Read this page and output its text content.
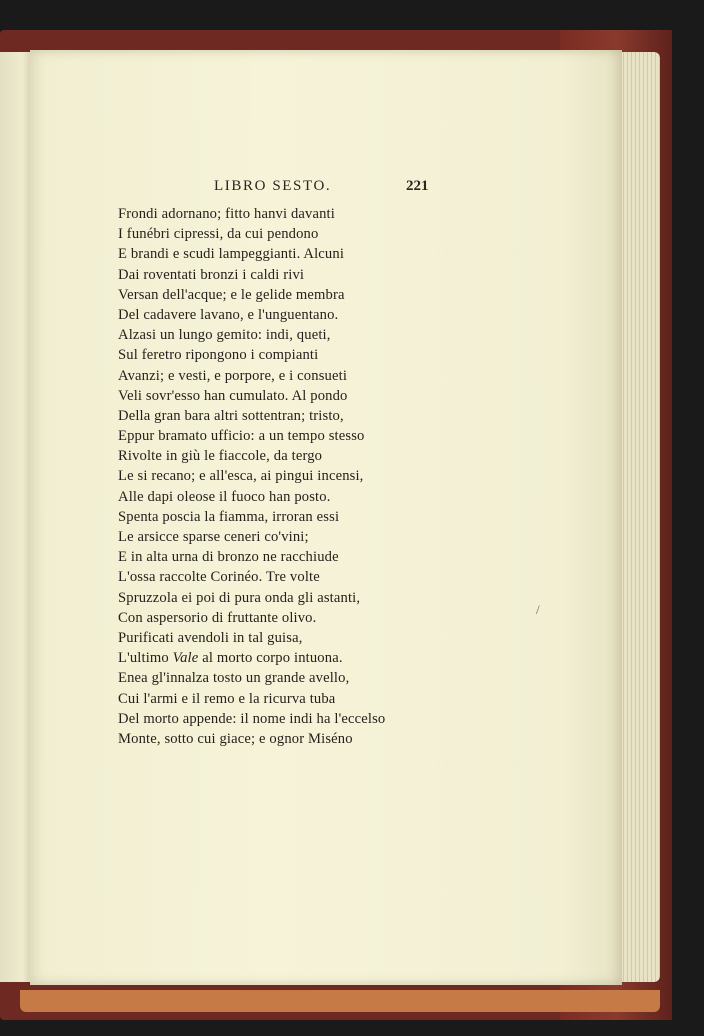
LIBRO SESTO.	221
Frondi adornano; fitto hanvi davanti
I funébri cipressi, da cui pendono
E brandi e scudi lampeggianti. Alcuni
Dai roventati bronzi i caldi rivi
Versan dell'acque; e le gelide membra
Del cadavere lavano, e l'unguentano.
Alzasi un lungo gemito: indi, queti,
Sul feretro ripongono i compianti
Avanzi; e vesti, e porpore, e i consueti
Veli sovr'esso han cumulato. Al pondo
Della gran bara altri sottentran; tristo,
Eppur bramato ufficio: a un tempo stesso
Rivolte in giù le fiaccole, da tergo
Le si recano; e all'esca, ai pingui incensi,
Alle dapi oleose il fuoco han posto.
Spenta poscia la fiamma, irroran essi
Le arsicce sparse ceneri co'vini;
E in alta urna di bronzo ne racchiude
L'ossa raccolte Corinéo. Tre volte
Spruzzola ei poi di pura onda gli astanti,
Con aspersorio di fruttante olivo.
Purificati avendoli in tal guisa,
L'ultimo Vale al morto corpo intuona.
Enea gl'innalza tosto un grande avello,
Cui l'armi e il remo e la ricurva tuba
Del morto appende: il nome indi ha l'eccelso
Monte, sotto cui giace; e ognor Miséno
/
